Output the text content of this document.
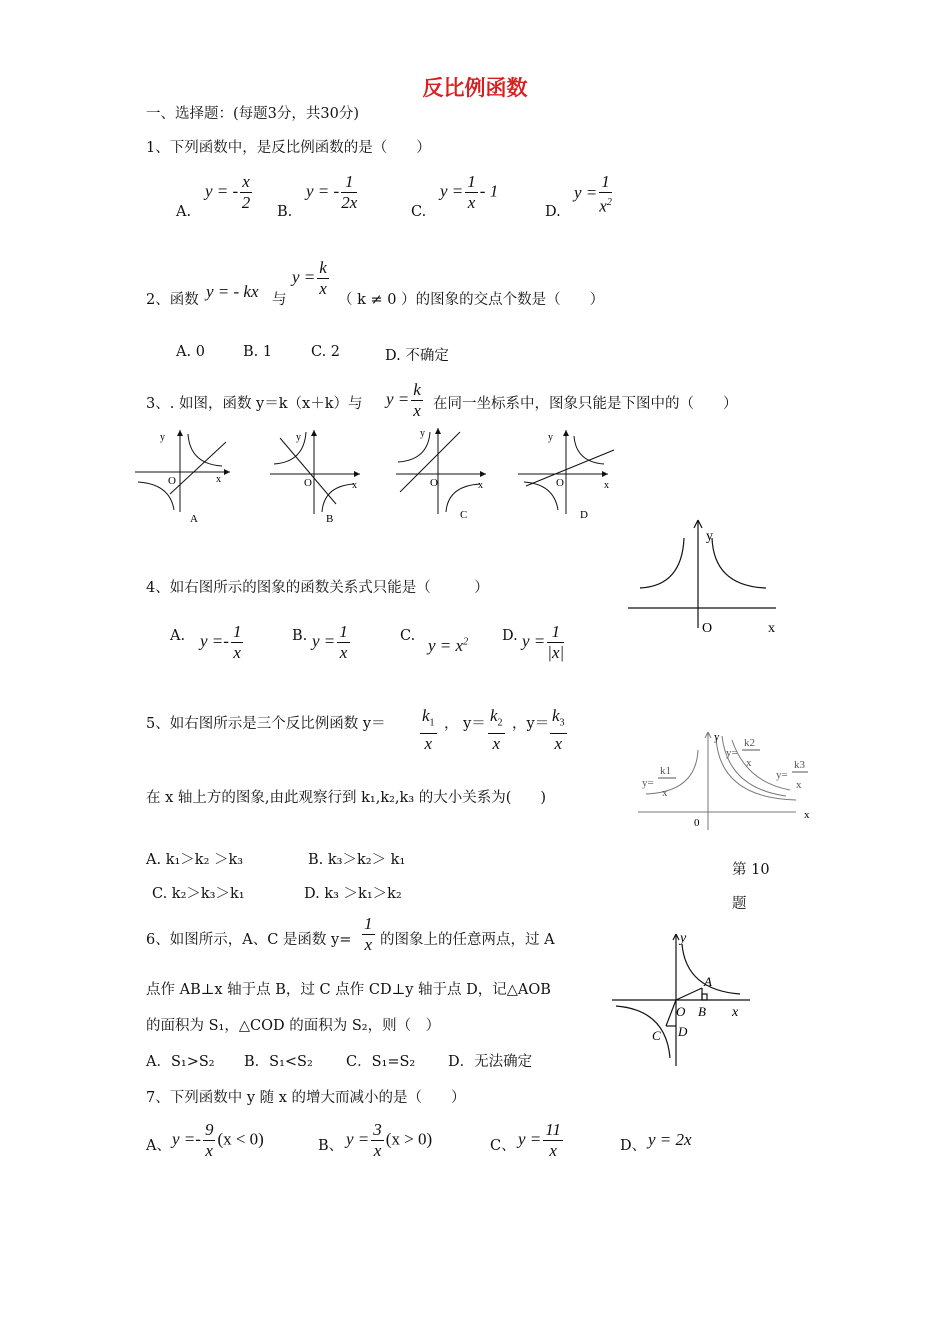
反比例函数
一、选择题：(每题3分，共30分)
1、下列函数中，是反比例函数的是（　　）
A.
y = - $\frac{x}{2} B$.
y = - $\frac{1}{2x}$	C.
$y = \frac{1}{x} - 1$
D.
$y = \frac{1}{x^2}$
2、函数 y = - kx 与
$y = \frac{k}{x}$
（ k ≠ 0 ）的图象的交点个数是（　　）
A. 0	B. 1	C. 2	D. 不确定
3、. 如图，函数 y＝k（x＋k）与 $y = \frac{k}{x}$ 在同一坐标系中，图象只能是下图中的（　　）
y
x
O
A
y
x
O
B
y
x
O
C
y
x
O
D
y
O	x
4、如右图所示的图象的函数关系式只能是（　　　）
A. $y =- \frac{1}{x}$	B. $y = \frac{1}{x}$	C. $y = x^2$ D. $y = \frac{1}{|x|}$
5、如右图所示是三个反比例函数 $y= \frac{k_1}{x}$ ， $y= \frac{k_2}{x}$ ，$y= \frac{k_3}{x}$
在 x 轴上方的图象,由此观察行到 k₁,k₂,k₃ 的大小关系为(　　)
A. k₁＞k₂ ＞k₃	B. k₃＞k₂＞ k₁
C. k₂＞k₃＞k₁	D. k₃ ＞k₁＞k₂
y
x
0
y=
k1
x
y=
k2
x
y=
k3
x
第 10
题
6、如图所示，A、C 是函数 $y= \frac{1}{x}$ 的图象上的任意两点，过 A
点作 AB⊥x 轴于点 B，过 C 点作 CD⊥y 轴于点 D，记△AOB
的面积为 S₁，△COD 的面积为 S₂，则（　）
A．S₁>S₂ B．S₁<S₂ C．S₁=S₂ D．无法确定
y
x
A
B
O
C D
7、下列函数中 y 随 x 的增大而减小的是（　　）
A、 $y =- \frac{9}{x} (x < 0)$	B、 $y = \frac{3}{x} (x > 0)$	C、 $y = \frac{11}{x}$	D、 y = 2x
